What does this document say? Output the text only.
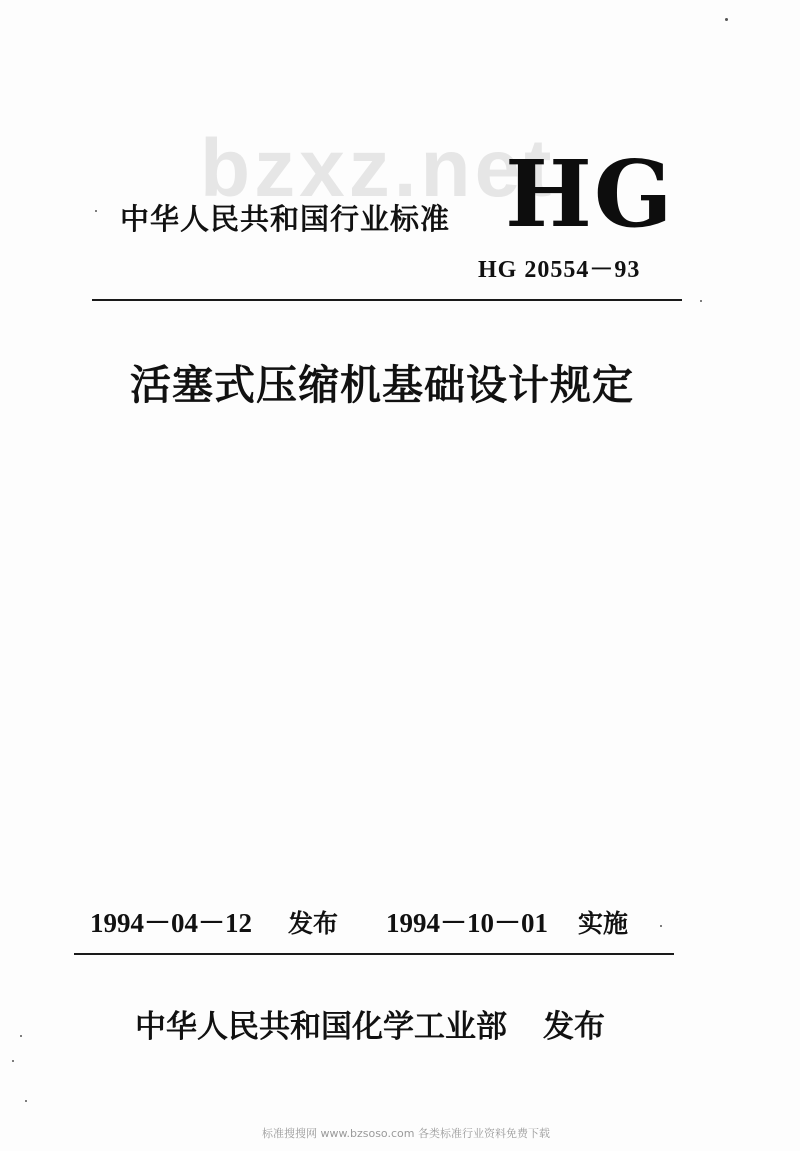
bzxz.net
中华人民共和国行业标准 HG
HG 20554－93
活塞式压缩机基础设计规定
1994－04－12 发布 1994－10－01 实施
中华人民共和国化学工业部 发布
标准搜搜网 www.bzsoso.com 各类标准行业资料免费下载
